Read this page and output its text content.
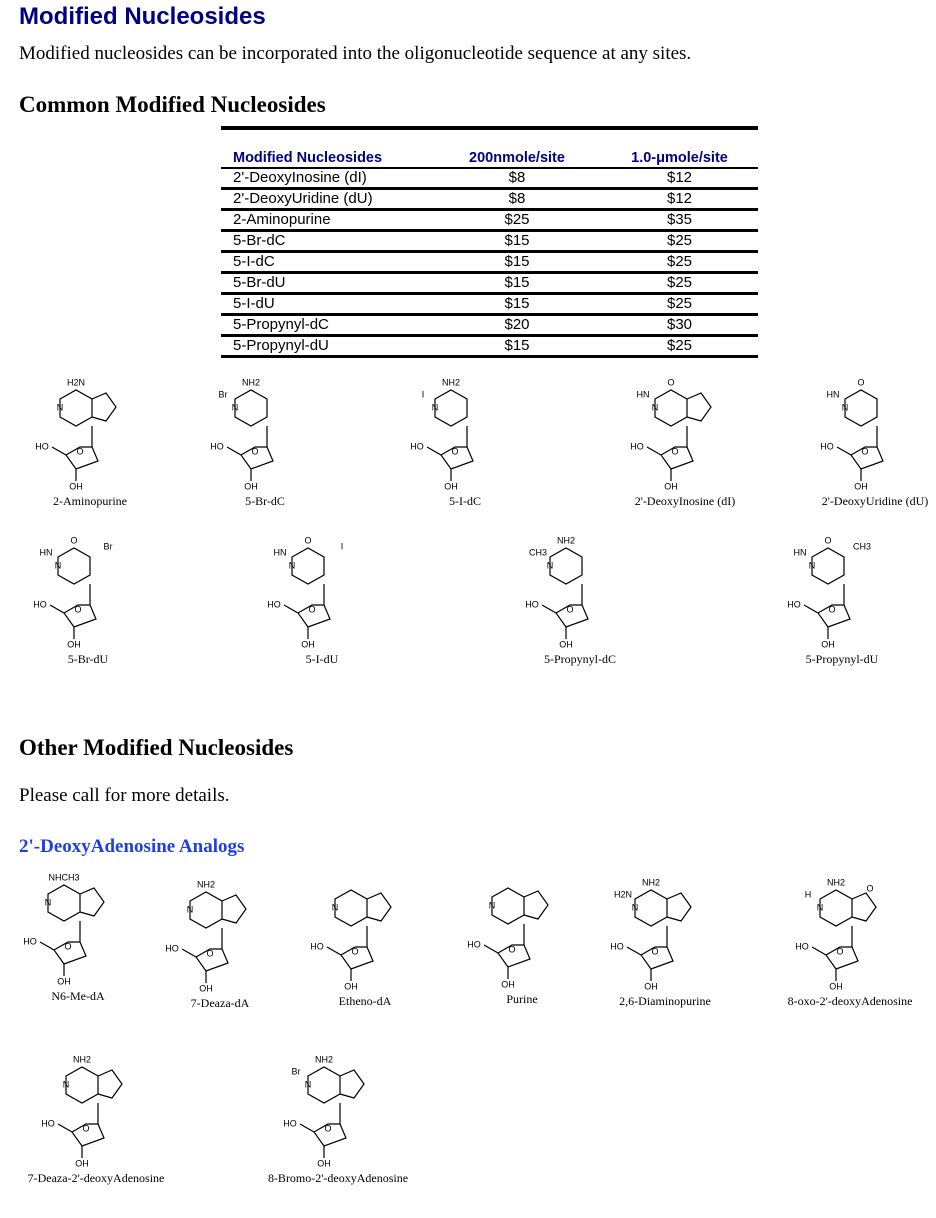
Modified Nucleosides
Modified nucleosides can be incorporated into the oligonucleotide sequence at any sites.
Common Modified Nucleosides
Modified Nucleosides	200nmole/site	1.0-μmole/site
2'-DeoxyInosine (dI)	$8	$12
2'-DeoxyUridine (dU)	$8	$12
2-Aminopurine	$25	$35
5-Br-dC	$15	$25
5-I-dC	$15	$25
5-Br-dU	$15	$25
5-I-dU	$15	$25
5-Propynyl-dC	$20	$30
5-Propynyl-dU	$15	$25
Other Modified Nucleosides
Please call for more details.
2'-DeoxyAdenosine Analogs
O
HO
OH
N
H2N
2-Aminopurine
O
HO
OH
N
NH2
Br
5-Br-dC
O
HO
OH
N
NH2
I
5-I-dC
O
HO
OH
N
O
HN
2'-DeoxyInosine (dI)
O
HO
OH
N
O
HN
2'-DeoxyUridine (dU)
O
HO
OH
N
O
HN
Br
5-Br-dU
O
HO
OH
N
O
HN
I
5-I-dU
O
HO
OH
N
NH2
CH3
5-Propynyl-dC
O
HO
OH
N
O
HN
CH3
5-Propynyl-dU
O
HO
OH
N
NHCH3
N6-Me-dA
O
HO
OH
N
NH2
7-Deaza-dA
O
HO
OH
N
Etheno-dA
O
HO
OH
N
Purine
O
HO
OH
N
NH2
H2N
2,6-Diaminopurine
O
HO
OH
N
NH2
H
O
8-oxo-2'-deoxyAdenosine
O
HO
OH
N
NH2
7-Deaza-2'-deoxyAdenosine
O
HO
OH
N
NH2
Br
8-Bromo-2'-deoxyAdenosine
